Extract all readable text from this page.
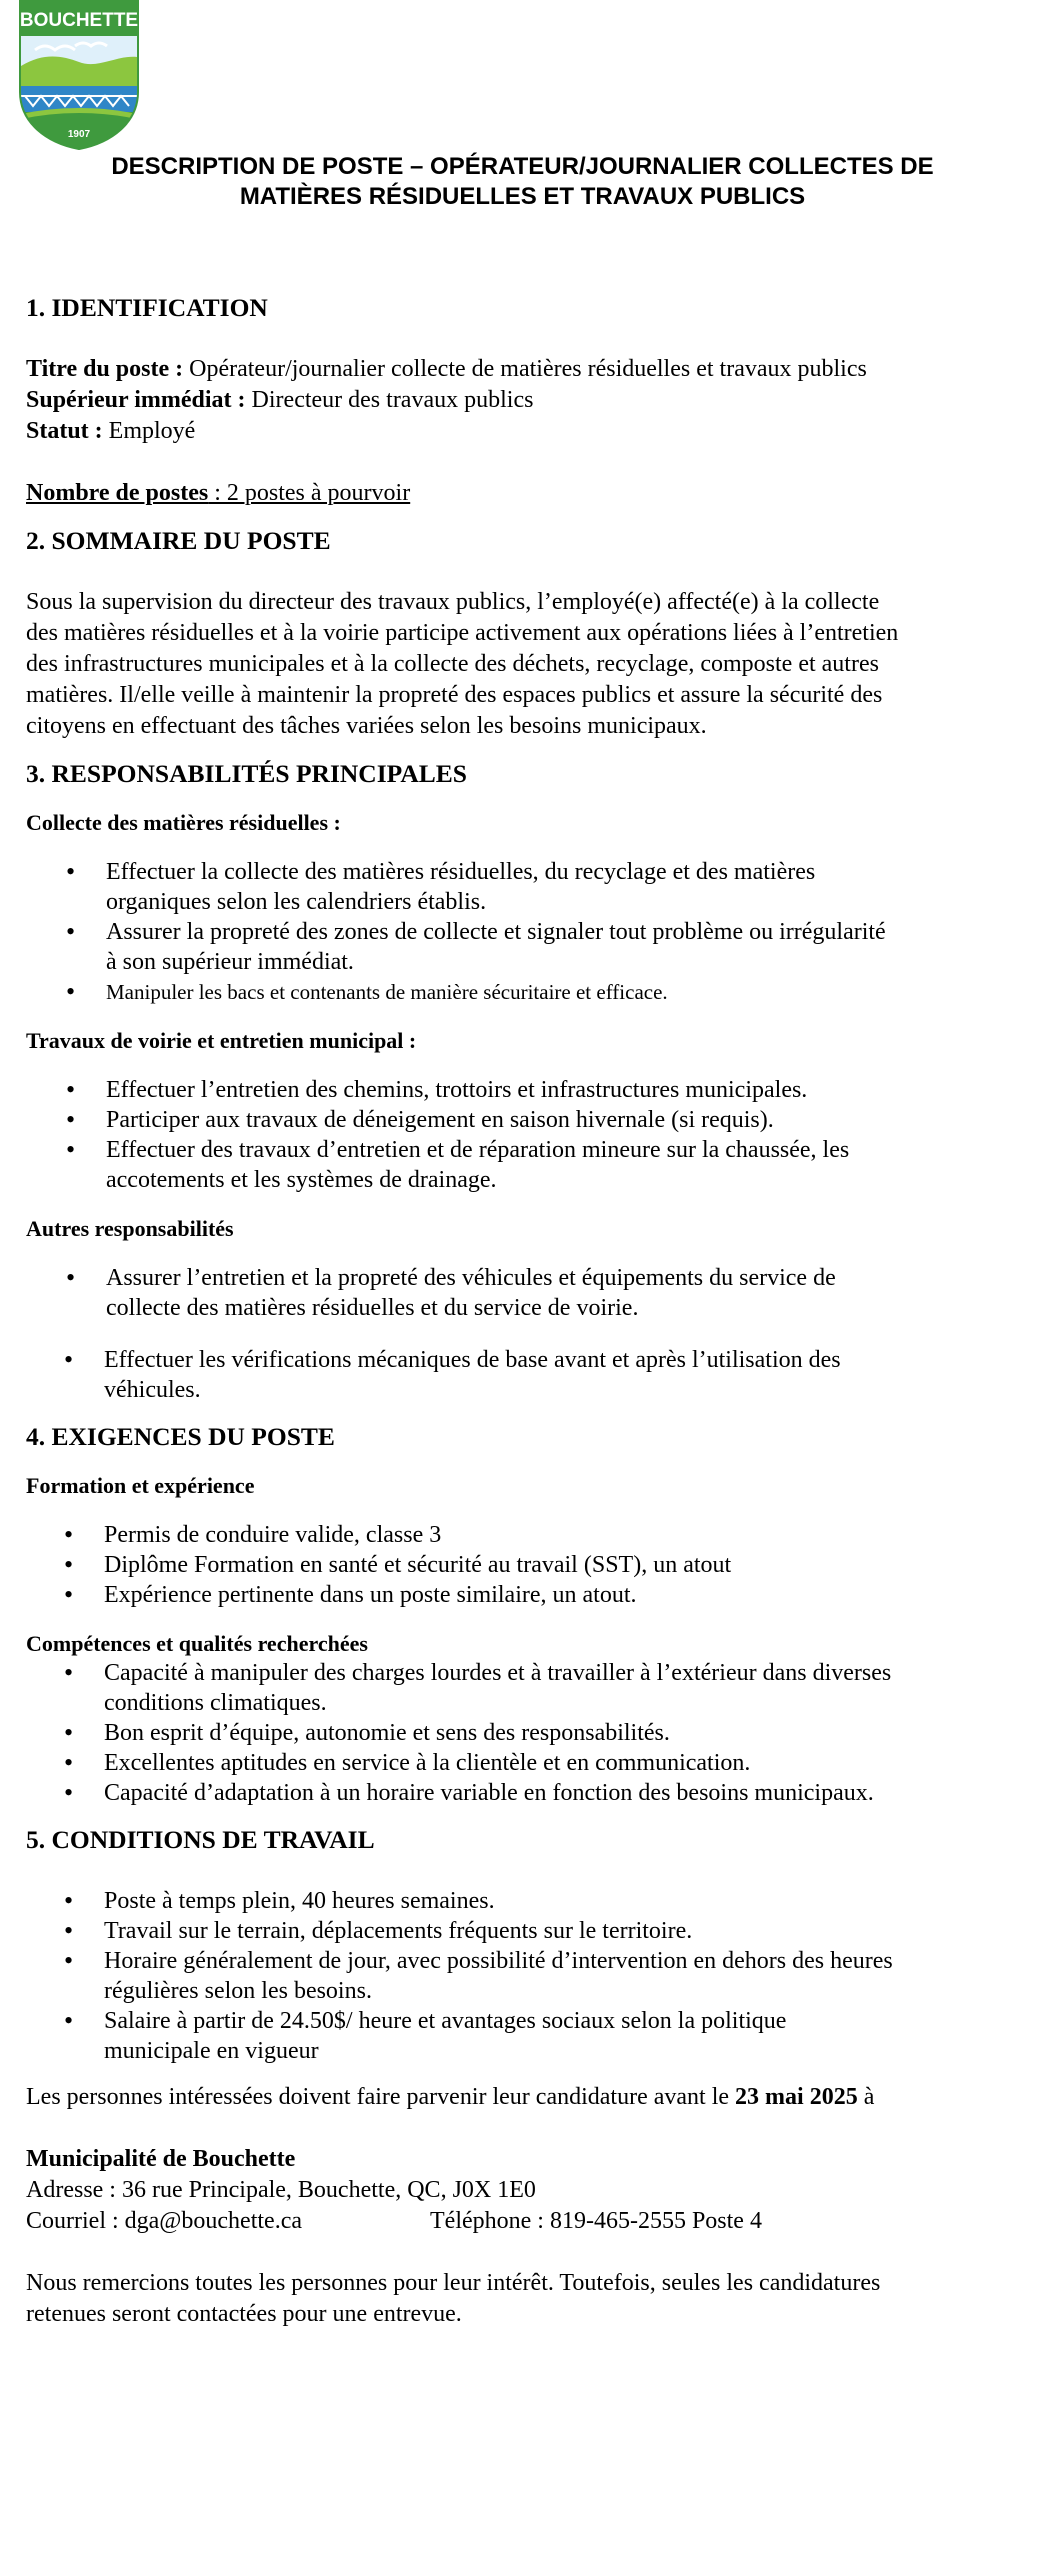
BOUCHETTE
1907
DESCRIPTION DE POSTE – OPÉRATEUR/JOURNALIER COLLECTES DE
MATIÈRES RÉSIDUELLES ET TRAVAUX PUBLICS
1. IDENTIFICATION
Titre du poste : Opérateur/journalier collecte de matières résiduelles et travaux publics
Supérieur immédiat : Directeur des travaux publics
Statut : Employé
Nombre de postes : 2 postes à pourvoir
2. SOMMAIRE DU POSTE
Sous la supervision du directeur des travaux publics, l’employé(e) affecté(e) à la collecte
des matières résiduelles et à la voirie participe activement aux opérations liées à l’entretien
des infrastructures municipales et à la collecte des déchets, recyclage, composte et autres
matières. Il/elle veille à maintenir la propreté des espaces publics et assure la sécurité des
citoyens en effectuant des tâches variées selon les besoins municipaux.
3. RESPONSABILITÉS PRINCIPALES
Collecte des matières résiduelles :
• Effectuer la collecte des matières résiduelles, du recyclage et des matières
organiques selon les calendriers établis.
• Assurer la propreté des zones de collecte et signaler tout problème ou irrégularité
à son supérieur immédiat.
• Manipuler les bacs et contenants de manière sécuritaire et efficace.
Travaux de voirie et entretien municipal :
• Effectuer l’entretien des chemins, trottoirs et infrastructures municipales.
• Participer aux travaux de déneigement en saison hivernale (si requis).
• Effectuer des travaux d’entretien et de réparation mineure sur la chaussée, les
accotements et les systèmes de drainage.
Autres responsabilités
• Assurer l’entretien et la propreté des véhicules et équipements du service de
collecte des matières résiduelles et du service de voirie.
• Effectuer les vérifications mécaniques de base avant et après l’utilisation des
véhicules.
4. EXIGENCES DU POSTE
Formation et expérience
• Permis de conduire valide, classe 3
• Diplôme Formation en santé et sécurité au travail (SST), un atout
• Expérience pertinente dans un poste similaire, un atout.
Compétences et qualités recherchées
• Capacité à manipuler des charges lourdes et à travailler à l’extérieur dans diverses
conditions climatiques.
• Bon esprit d’équipe, autonomie et sens des responsabilités.
• Excellentes aptitudes en service à la clientèle et en communication.
• Capacité d’adaptation à un horaire variable en fonction des besoins municipaux.
5. CONDITIONS DE TRAVAIL
• Poste à temps plein, 40 heures semaines.
• Travail sur le terrain, déplacements fréquents sur le territoire.
• Horaire généralement de jour, avec possibilité d’intervention en dehors des heures
régulières selon les besoins.
• Salaire à partir de 24.50$/ heure et avantages sociaux selon la politique
municipale en vigueur
Les personnes intéressées doivent faire parvenir leur candidature avant le 23 mai 2025 à
Municipalité de Bouchette
Adresse : 36 rue Principale, Bouchette, QC, J0X 1E0
Courriel : dga@bouchette.ca	Téléphone : 819-465-2555 Poste 4
Nous remercions toutes les personnes pour leur intérêt. Toutefois, seules les candidatures
retenues seront contactées pour une entrevue.
